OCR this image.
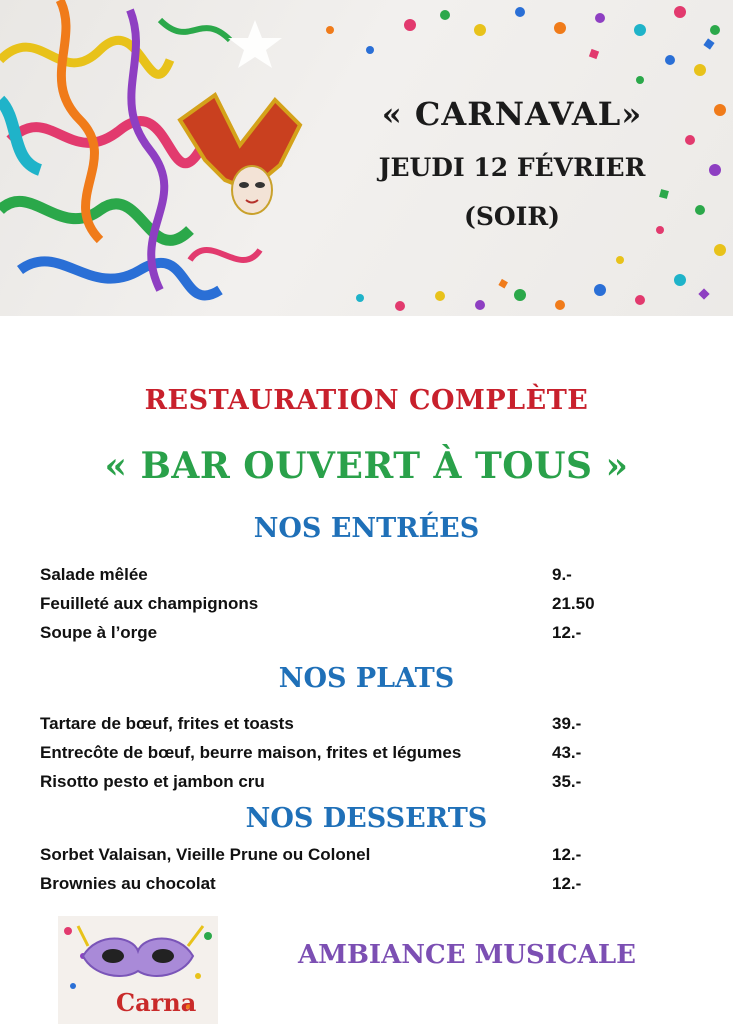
« CARNAVAL»
JEUDI 12 FÉVRIER
(SOIR)
RESTAURATION COMPLÈTE
« BAR OUVERT À TOUS »
NOS ENTRÉES
Salade mêlée	9.-
Feuilleté aux champignons	21.50
Soupe à l’orge	12.-
NOS PLATS
Tartare de bœuf, frites et toasts	39.-
Entrecôte de bœuf, beurre maison, frites et légumes	43.-
Risotto pesto et jambon cru	35.-
NOS DESSERTS
Sorbet Valaisan, Vieille Prune ou Colonel	12.-
Brownies au chocolat	12.-
Carna
AMBIANCE MUSICALE
